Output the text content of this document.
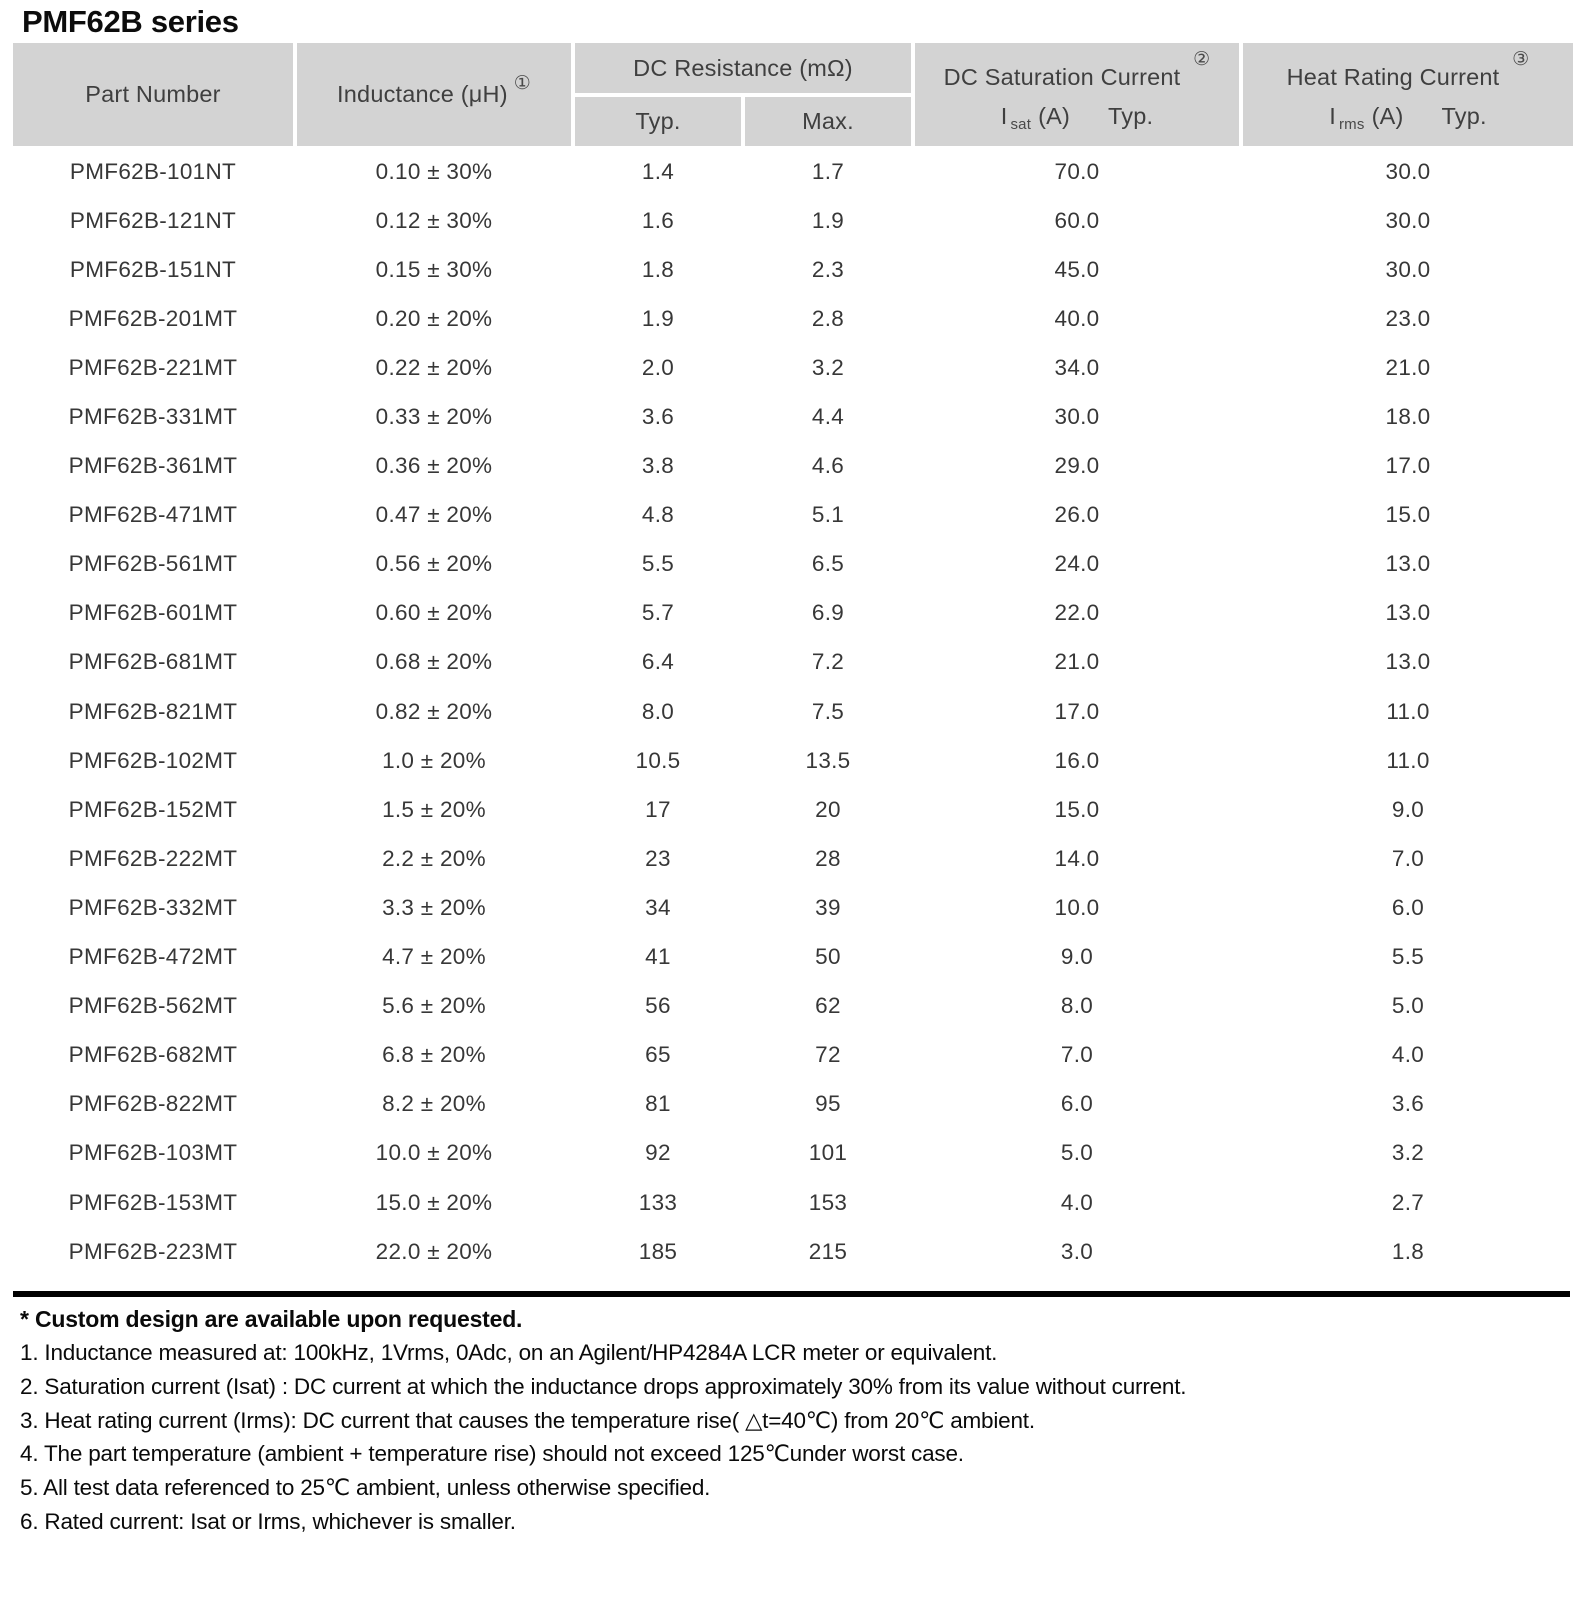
PMF62B series
Part Number	Inductance (μH) ①
DC Resistance (mΩ)
Typ.	Max.
DC Saturation Current ②
I $_{sat}$ (A) Typ.
Heat Rating Current ③
I $_{rms}$ (A) Typ.
PMF62B-101NT	0.10 ± 30%	1.4	1.7	70.0	30.0
PMF62B-121NT	0.12 ± 30%	1.6	1.9	60.0	30.0
PMF62B-151NT	0.15 ± 30%	1.8	2.3	45.0	30.0
PMF62B-201MT	0.20 ± 20%	1.9	2.8	40.0	23.0
PMF62B-221MT	0.22 ± 20%	2.0	3.2	34.0	21.0
PMF62B-331MT	0.33 ± 20%	3.6	4.4	30.0	18.0
PMF62B-361MT	0.36 ± 20%	3.8	4.6	29.0	17.0
PMF62B-471MT	0.47 ± 20%	4.8	5.1	26.0	15.0
PMF62B-561MT	0.56 ± 20%	5.5	6.5	24.0	13.0
PMF62B-601MT	0.60 ± 20%	5.7	6.9	22.0	13.0
PMF62B-681MT	0.68 ± 20%	6.4	7.2	21.0	13.0
PMF62B-821MT	0.82 ± 20%	8.0	7.5	17.0	11.0
PMF62B-102MT	1.0 ± 20%	10.5	13.5	16.0	11.0
PMF62B-152MT	1.5 ± 20%	17	20	15.0	9.0
PMF62B-222MT	2.2 ± 20%	23	28	14.0	7.0
PMF62B-332MT	3.3 ± 20%	34	39	10.0	6.0
PMF62B-472MT	4.7 ± 20%	41	50	9.0	5.5
PMF62B-562MT	5.6 ± 20%	56	62	8.0	5.0
PMF62B-682MT	6.8 ± 20%	65	72	7.0	4.0
PMF62B-822MT	8.2 ± 20%	81	95	6.0	3.6
PMF62B-103MT	10.0 ± 20%	92	101	5.0	3.2
PMF62B-153MT	15.0 ± 20%	133	153	4.0	2.7
PMF62B-223MT	22.0 ± 20%	185	215	3.0	1.8
* Custom design are available upon requested.
1. Inductance measured at: 100kHz, 1Vrms, 0Adc, on an Agilent/HP4284A LCR meter or equivalent.
2. Saturation current (Isat) : DC current at which the inductance drops approximately 30% from its value without current.
3. Heat rating current (Irms): DC current that causes the temperature rise( △t=40℃) from 20℃ ambient.
4. The part temperature (ambient + temperature rise) should not exceed 125℃under worst case.
5. All test data referenced to 25℃ ambient, unless otherwise specified.
6. Rated current: Isat or Irms, whichever is smaller.
